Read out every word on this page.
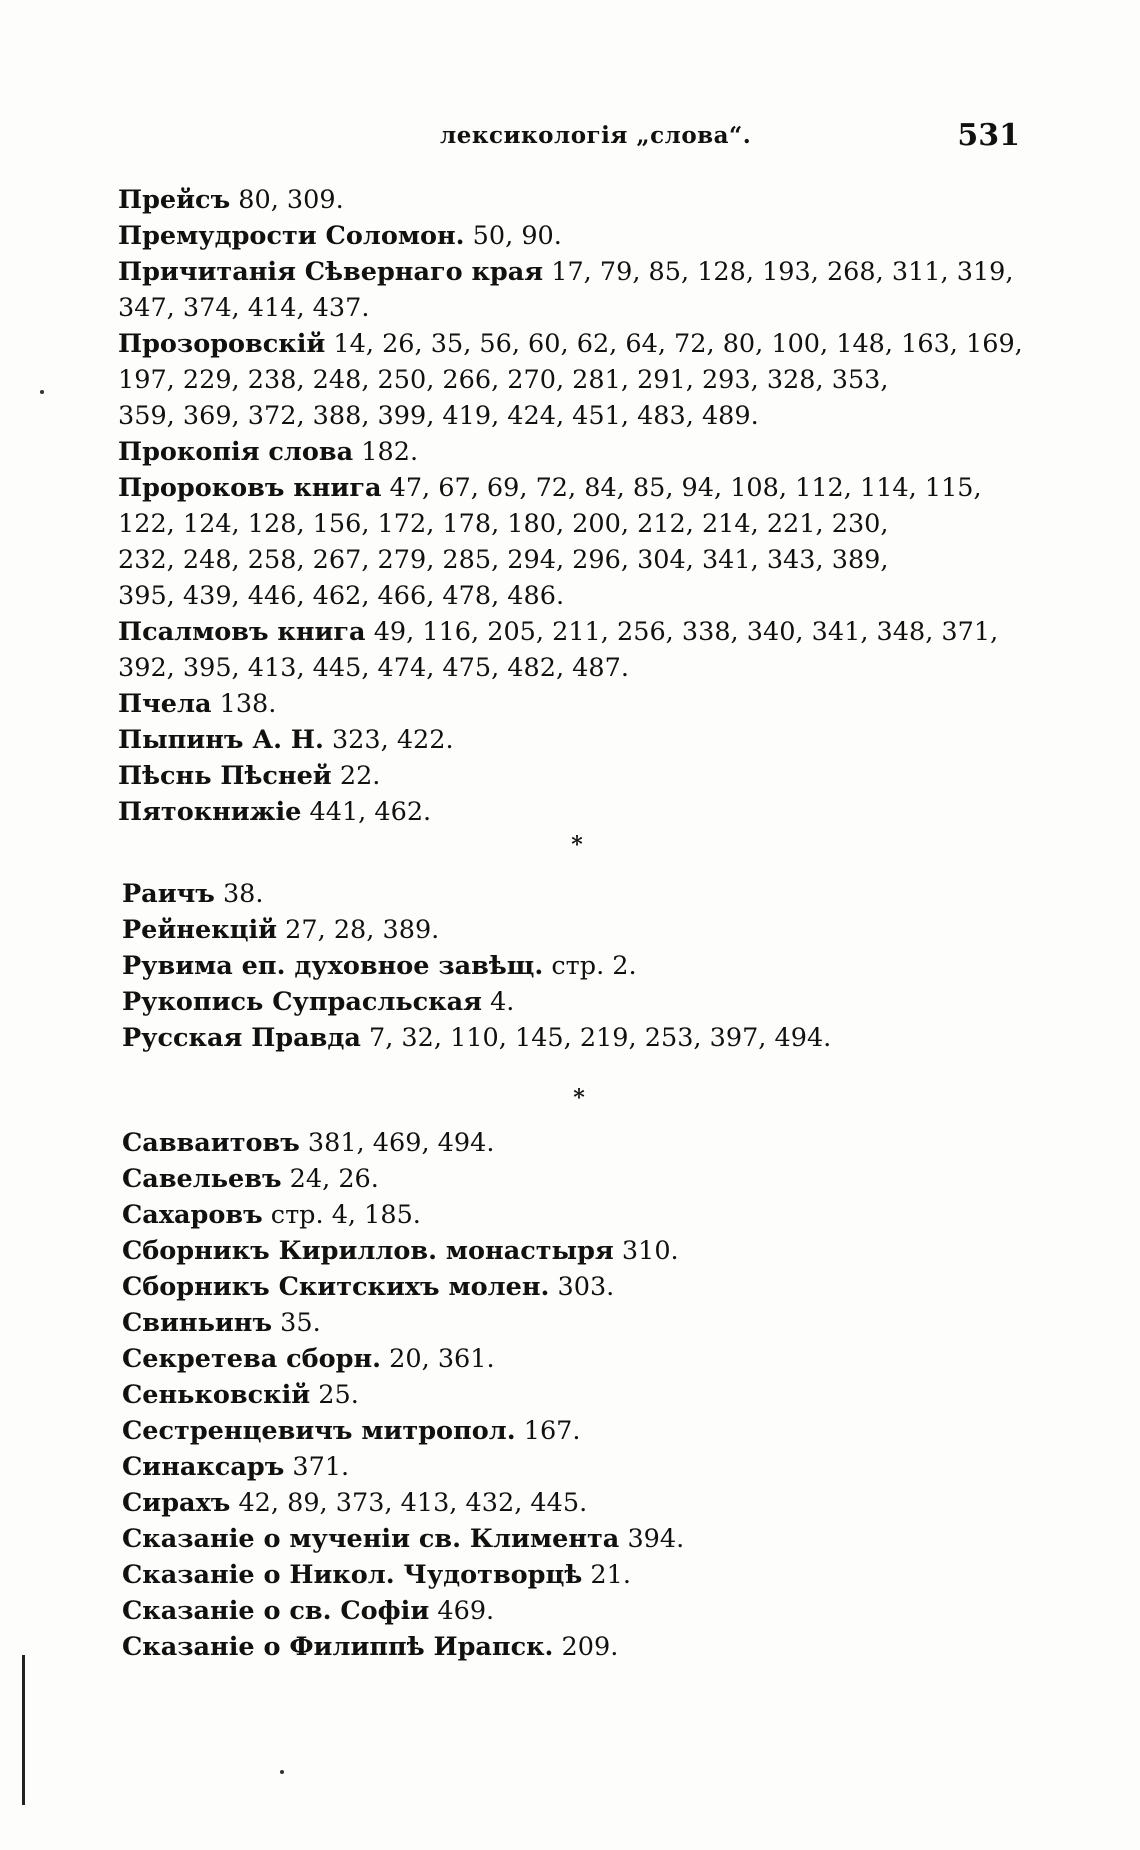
лексикологія „слова“.	531
Прейсъ 80, 309.
Премудрости Соломон. 50, 90.
Причитанія Сѣвернаго края 17, 79, 85, 128, 193, 268, 311, 319,
347, 374, 414, 437.
Прозоровскій 14, 26, 35, 56, 60, 62, 64, 72, 80, 100, 148, 163, 169,
197, 229, 238, 248, 250, 266, 270, 281, 291, 293, 328, 353,
359, 369, 372, 388, 399, 419, 424, 451, 483, 489.
Прокопія слова 182.
Пророковъ книга 47, 67, 69, 72, 84, 85, 94, 108, 112, 114, 115,
122, 124, 128, 156, 172, 178, 180, 200, 212, 214, 221, 230,
232, 248, 258, 267, 279, 285, 294, 296, 304, 341, 343, 389,
395, 439, 446, 462, 466, 478, 486.
Псалмовъ книга 49, 116, 205, 211, 256, 338, 340, 341, 348, 371,
392, 395, 413, 445, 474, 475, 482, 487.
Пчела 138.
Пыпинъ А. Н. 323, 422.
Пѣснь Пѣсней 22.
Пятокнижіе 441, 462.
*
Раичъ 38.
Рейнекцій 27, 28, 389.
Рувима еп. духовное завѣщ. стр. 2.
Рукопись Супрасльская 4.
Русская Правда 7, 32, 110, 145, 219, 253, 397, 494.
*
Савваитовъ 381, 469, 494.
Савельевъ 24, 26.
Сахаровъ стр. 4, 185.
Сборникъ Кириллов. монастыря 310.
Сборникъ Скитскихъ молен. 303.
Свиньинъ 35.
Секретева сборн. 20, 361.
Сеньковскій 25.
Сестренцевичъ митропол. 167.
Синаксаръ 371.
Сирахъ 42, 89, 373, 413, 432, 445.
Сказаніе о мученіи св. Климента 394.
Сказаніе о Никол. Чудотворцѣ 21.
Сказаніе о св. Софіи 469.
Сказаніе о Филиппѣ Ирапск. 209.
